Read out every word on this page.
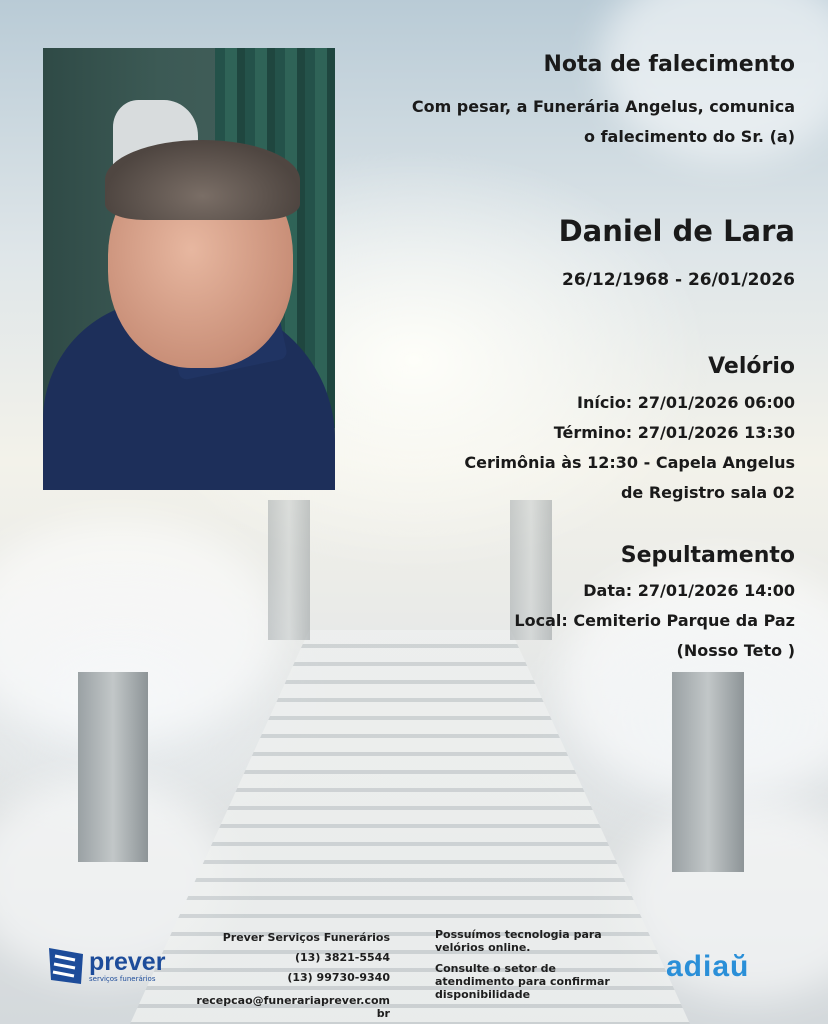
Nota de falecimento
Com pesar, a Funerária Angelus, comunica
o falecimento do Sr. (a)
Daniel de Lara
26/12/1968 - 26/01/2026
Velório
Início: 27/01/2026 06:00
Término: 27/01/2026 13:30
Cerimônia às 12:30 - Capela Angelus
de Registro sala 02
Sepultamento
Data: 27/01/2026 14:00
Local: Cemiterio Parque da Paz
(Nosso Teto )
prever
serviços funerários
Prever Serviços Funerários
(13) 3821-5544
(13) 99730-9340
recepcao@funerariaprever.com
br

Possuímos tecnologia para
velórios online.

Consulte o setor de
atendimento para confirmar
disponibilidade

adiaŭ
